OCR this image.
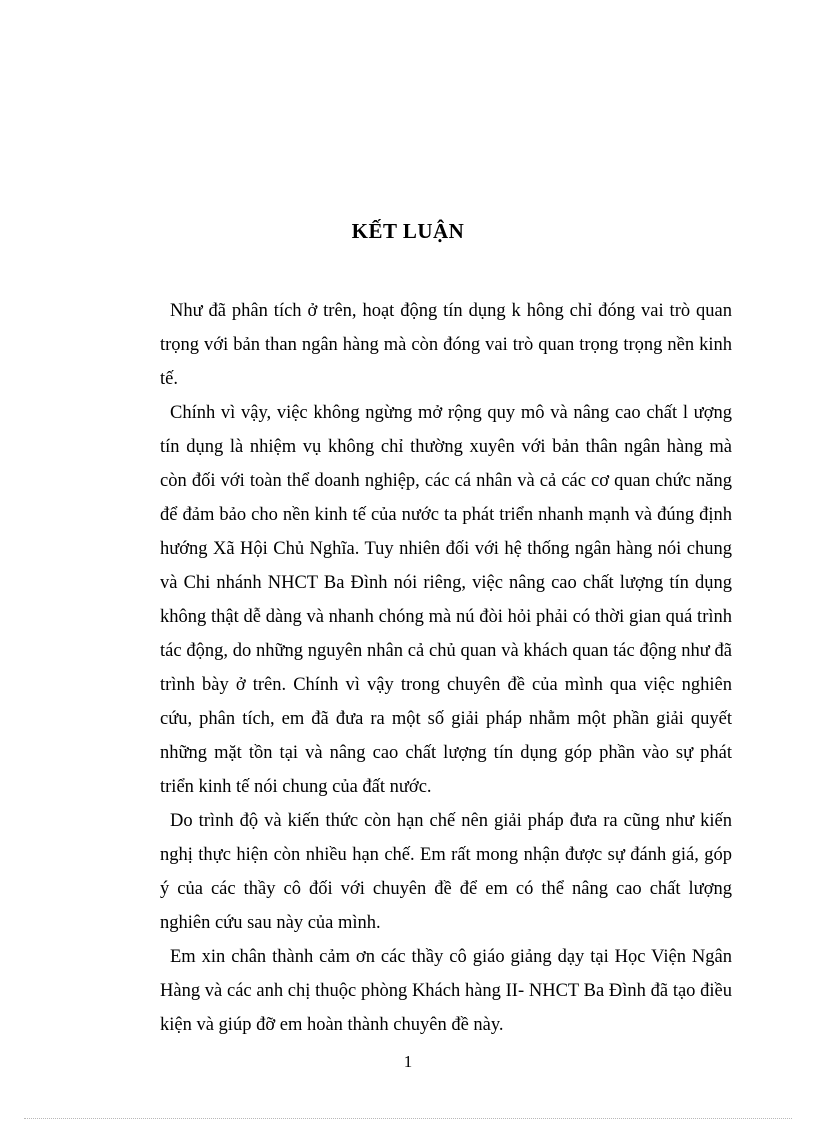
KẾT LUẬN

Như đã phân tích ở trên, hoạt động tín dụng k hông chỉ đóng vai trò quan trọng với bản than ngân hàng mà còn đóng vai trò quan trọng trọng nền kinh tế.

Chính vì vậy, việc không ngừng mở rộng quy mô và nâng cao chất l ượng tín dụng là nhiệm vụ không chỉ thường xuyên với bản thân ngân hàng mà còn đối với toàn thể doanh nghiệp, các cá nhân và cả các cơ quan chức năng để đảm bảo cho nền kinh tế của nước ta phát triển nhanh mạnh và đúng định hướng Xã Hội Chủ Nghĩa. Tuy nhiên đối với hệ thống ngân hàng nói chung và Chi nhánh NHCT Ba Đình nói riêng, việc nâng cao chất lượng tín dụng không thật dễ dàng và nhanh chóng mà nú đòi hỏi phải có thời gian quá trình tác động, do những nguyên nhân cả chủ quan và khách quan tác động như đã trình bày ở trên. Chính vì vậy trong chuyên đề của mình qua việc nghiên cứu, phân tích, em đã đưa ra một số giải pháp nhằm một phần giải quyết những mặt tồn tại và nâng cao chất lượng tín dụng góp phần vào sự phát triển kinh tế nói chung của đất nước.

Do trình độ và kiến thức còn hạn chế nên giải pháp đưa ra cũng như kiến nghị thực hiện còn nhiều hạn chế. Em rất mong nhận được sự đánh giá, góp ý của các thầy cô đối với chuyên đề để em có thể nâng cao chất lượng nghiên cứu sau này của mình.

Em xin chân thành cảm ơn các thầy cô giáo giảng dạy tại Học Viện Ngân Hàng và các anh chị thuộc phòng Khách hàng II- NHCT Ba Đình đã tạo điều kiện và giúp đỡ em hoàn thành chuyên đề này.

1
